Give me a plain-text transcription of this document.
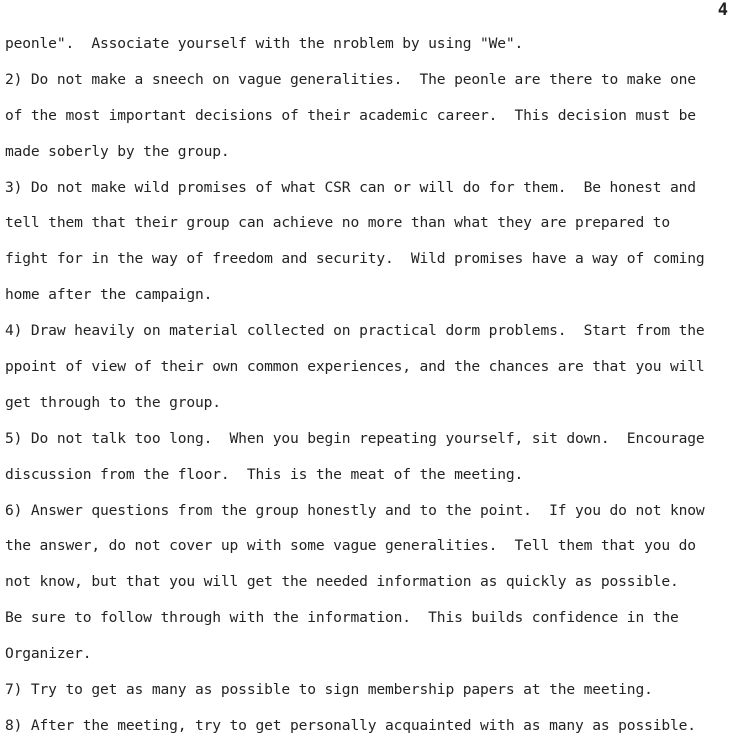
4
peonle".  Associate yourself with the nroblem by using "We".
2) Do not make a sneech on vague generalities.  The peonle are there to make one
of the most important decisions of their academic career.  This decision must be
made soberly by the group.
3) Do not make wild promises of what CSR can or will do for them.  Be honest and
tell them that their group can achieve no more than what they are prepared to
fight for in the way of freedom and security.  Wild promises have a way of coming
home after the campaign.
4) Draw heavily on material collected on practical dorm problems.  Start from the
ppoint of view of their own common experiences, and the chances are that you will
get through to the group.
5) Do not talk too long.  When you begin repeating yourself, sit down.  Encourage
discussion from the floor.  This is the meat of the meeting.
6) Answer questions from the group honestly and to the point.  If you do not know
the answer, do not cover up with some vague generalities.  Tell them that you do
not know, but that you will get the needed information as quickly as possible.
Be sure to follow through with the information.  This builds confidence in the
Organizer.
7) Try to get as many as possible to sign membership papers at the meeting.
8) After the meeting, try to get personally acquainted with as many as possible.
